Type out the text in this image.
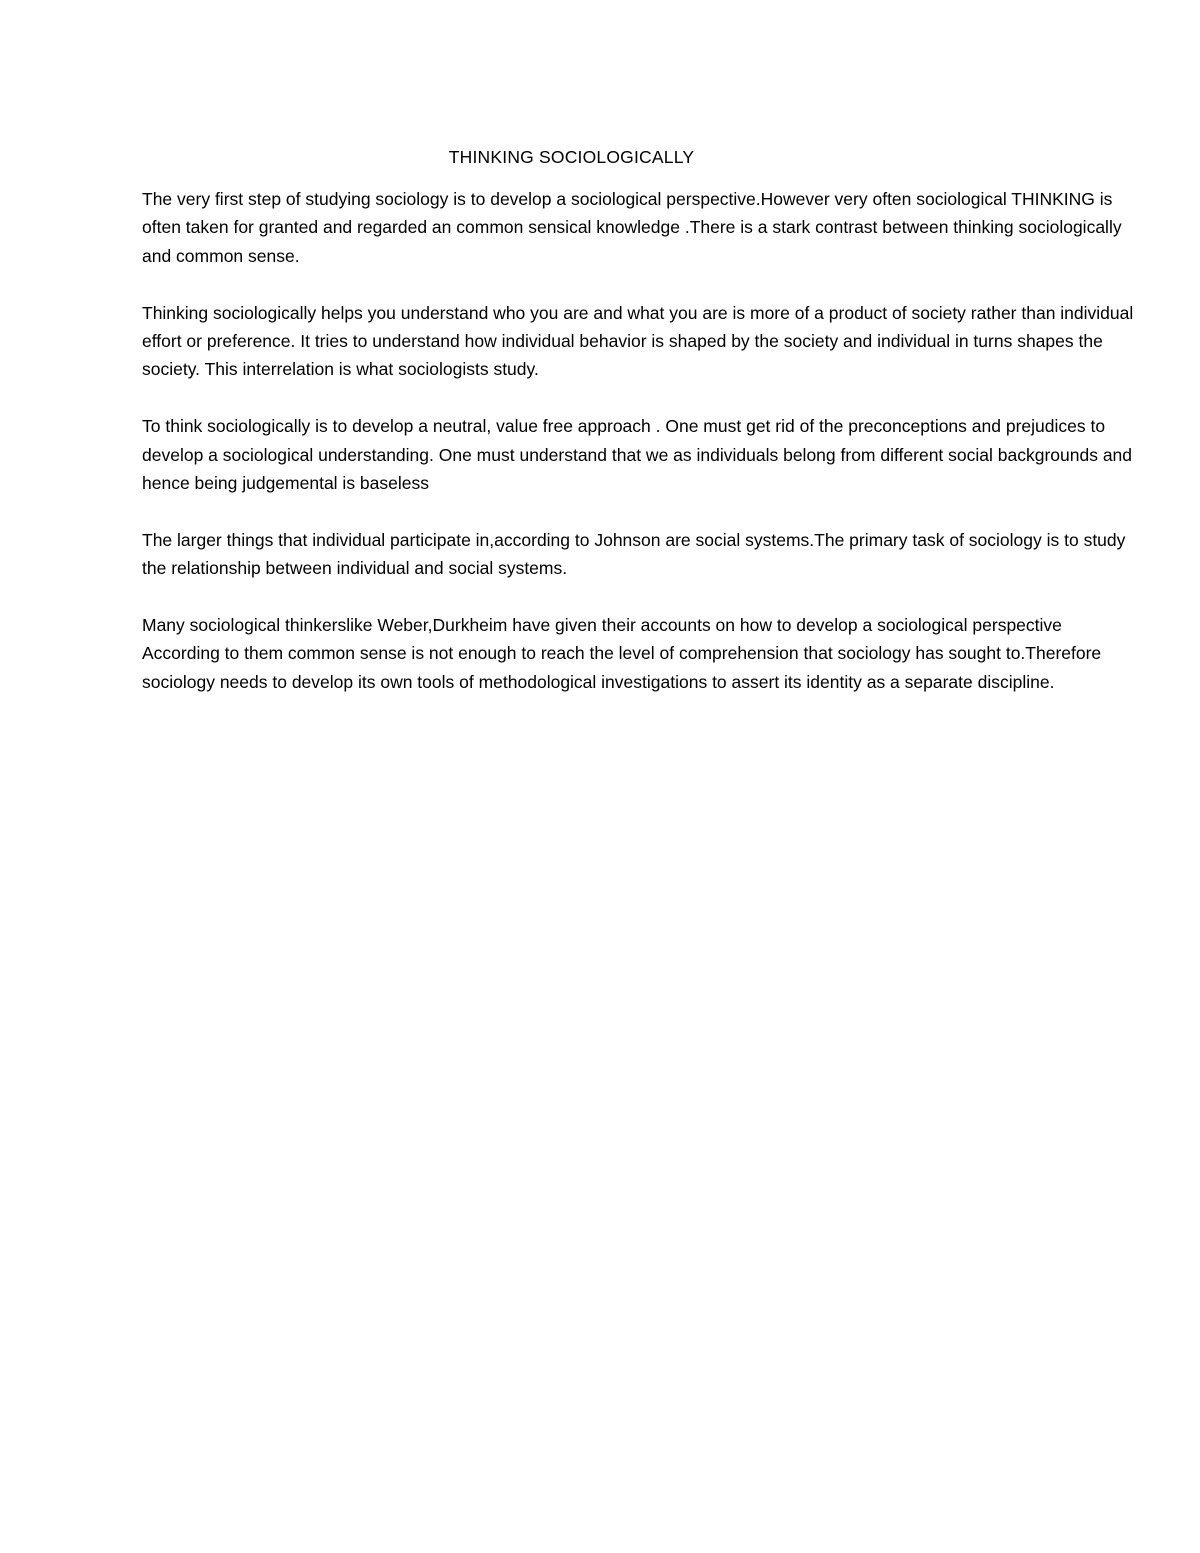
THINKING SOCIOLOGICALLY

The very first step of studying sociology is to develop a sociological perspective.However very often sociological THINKING is often taken for granted and regarded an common sensical knowledge .There is a stark contrast between thinking sociologically and common sense.

Thinking sociologically helps you understand who you are and what you are is more of a product of society rather than individual effort or preference. It tries to understand how individual behavior is shaped by the society and individual in turns shapes the society. This interrelation is what sociologists study.

To think sociologically is to develop a neutral, value free approach . One must get rid of the preconceptions and prejudices to develop a sociological understanding. One must understand that we as individuals belong from different social backgrounds and hence being judgemental is baseless

The larger things that individual participate in,according to Johnson are social systems.The primary task of sociology is to study the relationship between individual and social systems.

Many sociological thinkerslike Weber,Durkheim have given their accounts on how to develop a sociological perspective

According to them common sense is not enough to reach the level of comprehension that sociology has sought to.Therefore sociology needs to develop its own tools of methodological investigations to assert its identity as a separate discipline.
